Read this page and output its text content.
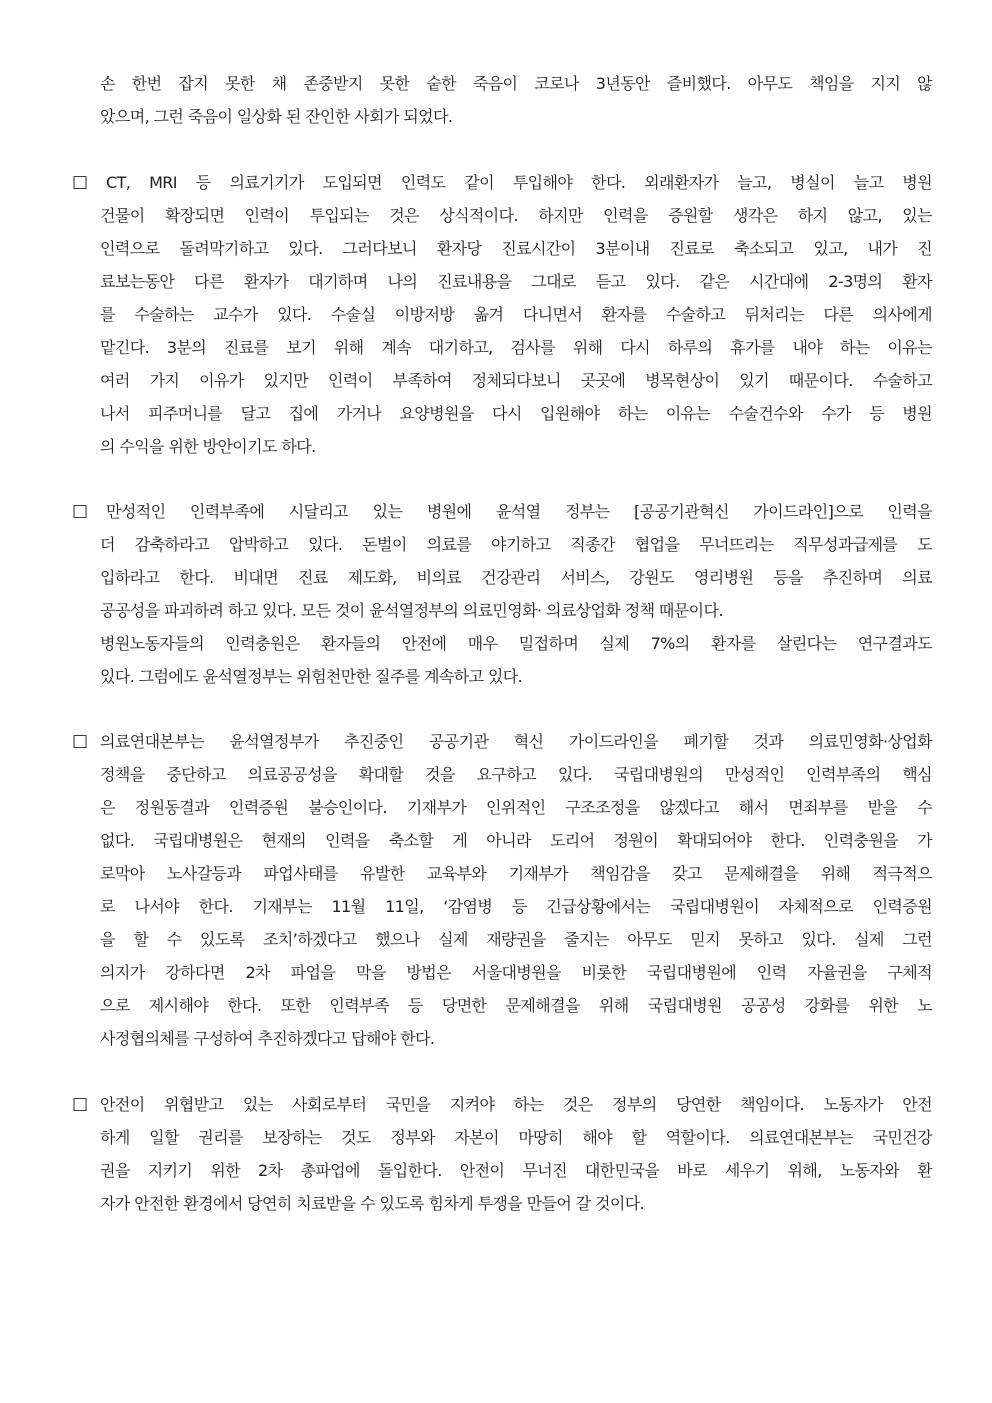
손 한번 잡지 못한 채 존중받지 못한 숱한 죽음이 코로나 3년동안 즐비했다. 아무도 책임을 지지 않
았으며, 그런 죽음이 일상화 된 잔인한 사회가 되었다.
□	CT, MRI 등 의료기기가 도입되면 인력도 같이 투입해야 한다. 외래환자가 늘고, 병실이 늘고 병원
건물이 확장되면 인력이 투입되는 것은 상식적이다. 하지만 인력을 증원할 생각은 하지 않고, 있는
인력으로 돌려막기하고 있다. 그러다보니 환자당 진료시간이 3분이내 진료로 축소되고 있고, 내가 진
료보는동안 다른 환자가 대기하며 나의 진료내용을 그대로 듣고 있다. 같은 시간대에 2-3명의 환자
를 수술하는 교수가 있다. 수술실 이방저방 옮겨 다니면서 환자를 수술하고 뒤처리는 다른 의사에게
맡긴다. 3분의 진료를 보기 위해 계속 대기하고, 검사를 위해 다시 하루의 휴가를 내야 하는 이유는
여러 가지 이유가 있지만 인력이 부족하여 정체되다보니 곳곳에 병목현상이 있기 때문이다. 수술하고
나서 피주머니를 달고 집에 가거나 요양병원을 다시 입원해야 하는 이유는 수술건수와 수가 등 병원
의 수익을 위한 방안이기도 하다.
□	만성적인 인력부족에 시달리고 있는 병원에 윤석열 정부는 [공공기관혁신 가이드라인]으로 인력을
더 감축하라고 압박하고 있다. 돈벌이 의료를 야기하고 직종간 협업을 무너뜨리는 직무성과급제를 도
입하라고 한다. 비대면 진료 제도화, 비의료 건강관리 서비스, 강원도 영리병원 등을 추진하며 의료
공공성을 파괴하려 하고 있다. 모든 것이 윤석열정부의 의료민영화· 의료상업화 정책 때문이다.
병원노동자들의 인력충원은 환자들의 안전에 매우 밀접하며 실제 7%의 환자를 살린다는 연구결과도
있다. 그럼에도 윤석열정부는 위험천만한 질주를 계속하고 있다.
□ 의료연대본부는 윤석열정부가 추진중인 공공기관 혁신 가이드라인을 폐기할 것과 의료민영화·상업화
정책을 중단하고 의료공공성을 확대할 것을 요구하고 있다. 국립대병원의 만성적인 인력부족의 핵심
은 정원동결과 인력증원 불승인이다. 기재부가 인위적인 구조조정을 않겠다고 해서 면죄부를 받을 수
없다. 국립대병원은 현재의 인력을 축소할 게 아니라 도리어 정원이 확대되어야 한다. 인력충원을 가
로막아 노사갈등과 파업사태를 유발한 교육부와 기재부가 책임감을 갖고 문제해결을 위해 적극적으
로 나서야 한다. 기재부는 11월 11일, ‘감염병 등 긴급상황에서는 국립대병원이 자체적으로 인력증원
을 할 수 있도록 조치’하겠다고 했으나 실제 재량권을 줄지는 아무도 믿지 못하고 있다. 실제 그런
의지가 강하다면 2차 파업을 막을 방법은 서울대병원을 비롯한 국립대병원에 인력 자율권을 구체적
으로 제시해야 한다. 또한 인력부족 등 당면한 문제해결을 위해 국립대병원 공공성 강화를 위한 노
사정협의체를 구성하여 추진하겠다고 답해야 한다.
□ 안전이 위협받고 있는 사회로부터 국민을 지켜야 하는 것은 정부의 당연한 책임이다. 노동자가 안전
하게 일할 권리를 보장하는 것도 정부와 자본이 마땅히 해야 할 역할이다. 의료연대본부는 국민건강
권을 지키기 위한 2차 총파업에 돌입한다. 안전이 무너진 대한민국을 바로 세우기 위해, 노동자와 환
자가 안전한 환경에서 당연히 치료받을 수 있도록 힘차게 투쟁을 만들어 갈 것이다.
